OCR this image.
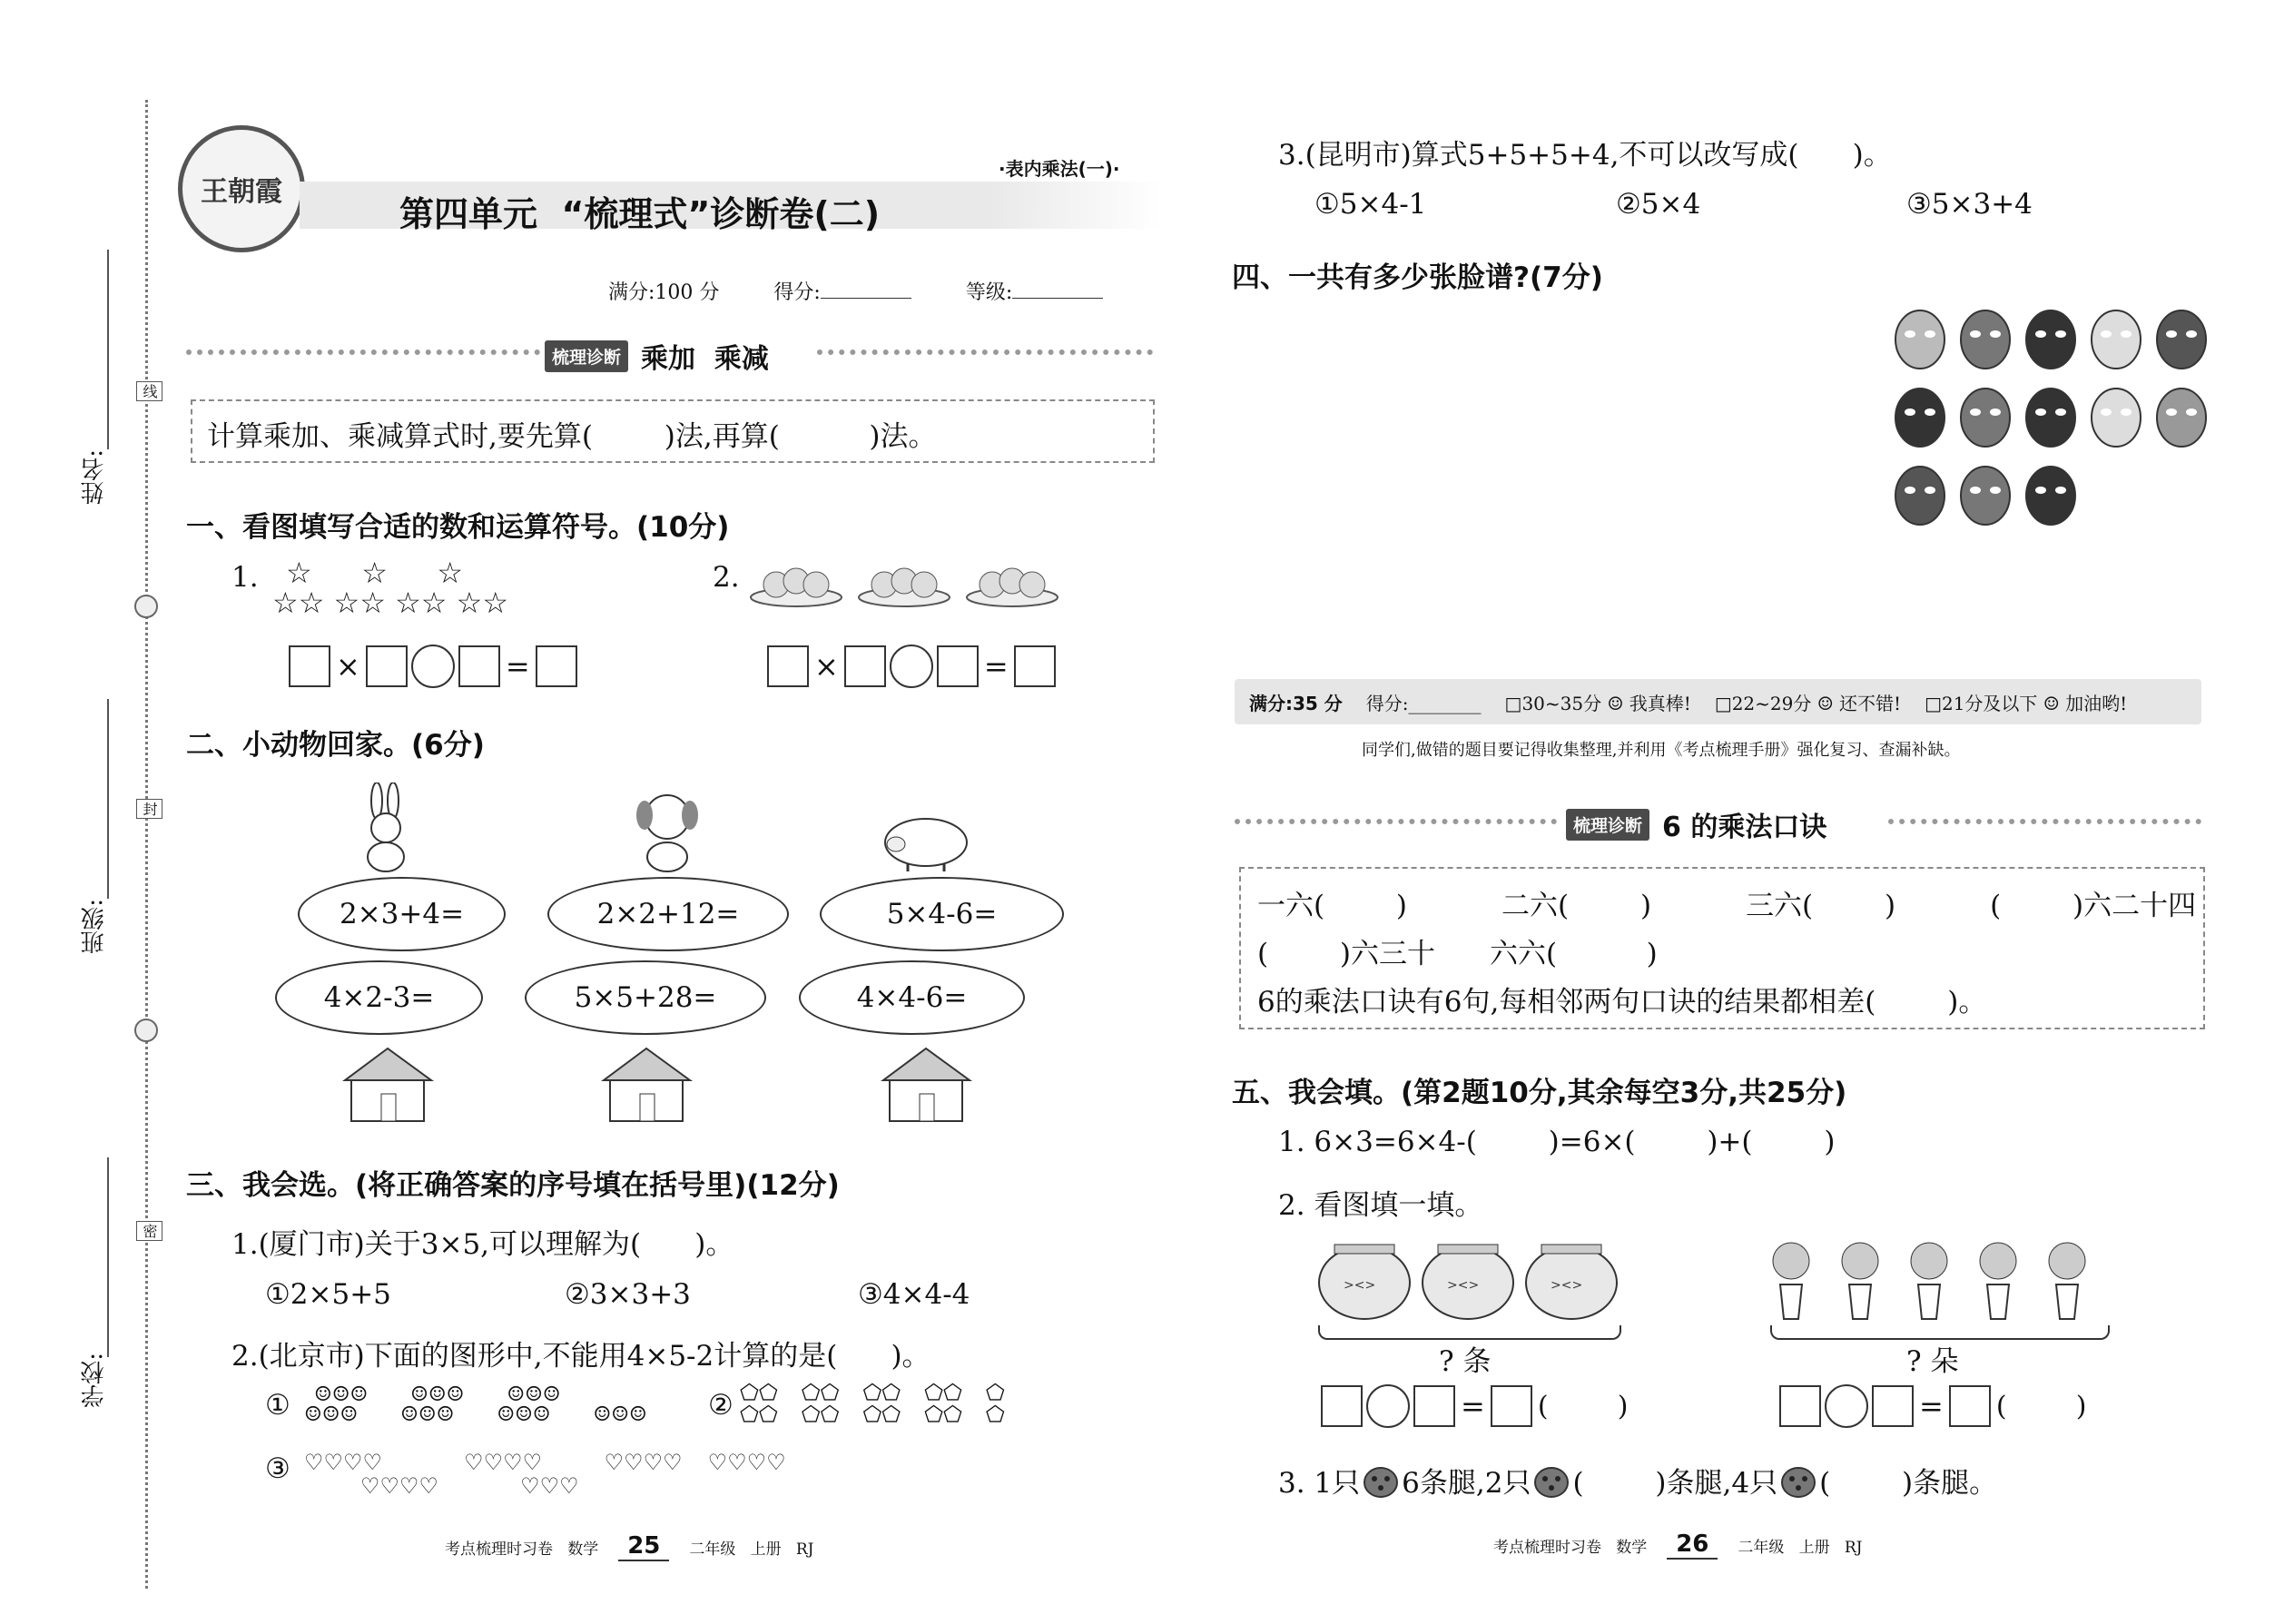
姓名:
班级:
学校:
线
封
密
王朝霞
·表内乘法(一)·
第四单元  “梳理式”诊断卷(二)
满分:100 分	得分:	等级:
梳理诊断 乘加  乘减
计算乘加、乘减算式时,要先算(        )法,再算(          )法。
一、看图填写合适的数和运算符号。(10分)
1. ☆   ☆   ☆
☆☆ ☆☆ ☆☆ ☆☆
2.
×	=	×	=
二、小动物回家。(6分)
2×3+4=	2×2+12=	5×4-6=
4×2-3=	5×5+28=	4×4-6=
三、我会选。(将正确答案的序号填在括号里)(12分)
1.(厦门市)关于3×5,可以理解为(      )。
①2×5+5	②3×3+3	③4×4-4
2.(北京市)下面的图形中,不能用4×5-2计算的是(      )。
①	☺☺☺
☺☺☺
☺☺☺
☺☺☺
☺☺☺
☺☺☺	☺☺☺ ② ⬠⬠
⬠⬠
⬠⬠
⬠⬠
⬠⬠
⬠⬠
⬠⬠
⬠⬠
⬠
⬠
③ ♡♡♡♡
♡♡♡♡
♡♡♡♡
♡♡♡
♡♡♡♡ ♡♡♡♡
考点梳理时习卷   数学	25	二年级   上册   RJ
3.(昆明市)算式5+5+5+4,不可以改写成(      )。
①5×4-1	②5×4	③5×3+4
四、一共有多少张脸谱?(7分)
满分:35 分 得分:________ □30~35分 ☺ 我真棒! □22~29分 ☺ 还不错! □21分及以下 ☺ 加油哟!
同学们,做错的题目要记得收集整理,并利用《考点梳理手册》强化复习、查漏补缺。
梳理诊断 6 的乘法口诀
一六(        )	二六(        )	三六(        )	(        )六二十四
(        )六三十 六六(          )
6的乘法口诀有6句,每相邻两句口诀的结果都相差(        )。
五、我会填。(第2题10分,其余每空3分,共25分)
1. 6×3=6×4-(        )=6×(        )+(        )
2. 看图填一填。
><>	><>	><>
? 条
= (        )
? 朵
= (        )
3. 1只 6条腿,2只 (        )条腿,4只 (        )条腿。
考点梳理时习卷   数学	26	二年级   上册   RJ
